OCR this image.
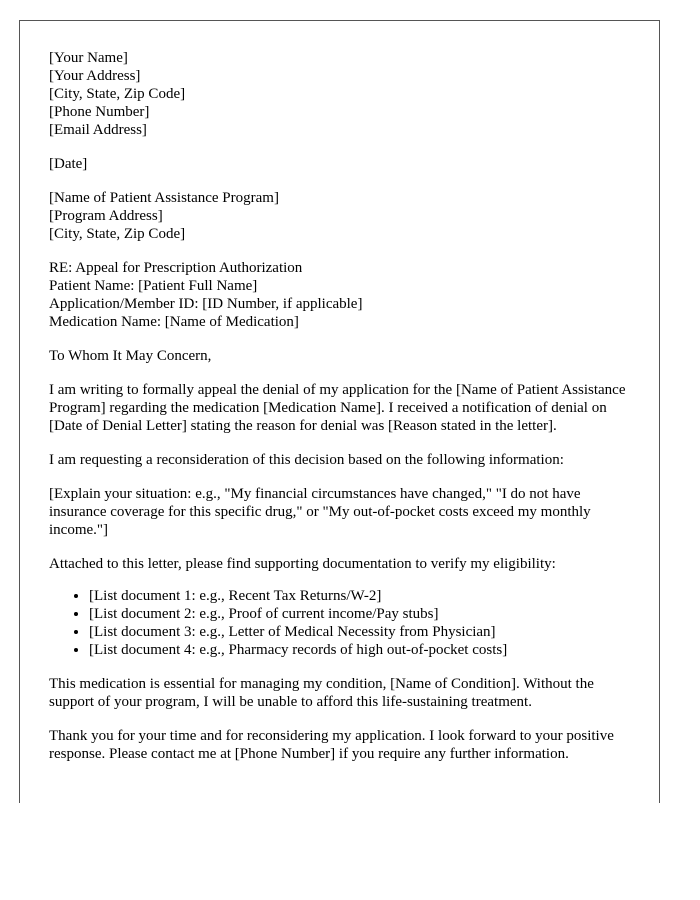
[Your Name]
[Your Address]
[City, State, Zip Code]
[Phone Number]
[Email Address]
[Date]
[Name of Patient Assistance Program]
[Program Address]
[City, State, Zip Code]
RE: Appeal for Prescription Authorization
Patient Name: [Patient Full Name]
Application/Member ID: [ID Number, if applicable]
Medication Name: [Name of Medication]

To Whom It May Concern,

I am writing to formally appeal the denial of my application for the [Name of Patient Assistance Program] regarding the medication [Medication Name]. I received a notification of denial on [Date of Denial Letter] stating the reason for denial was [Reason stated in the letter].

I am requesting a reconsideration of this decision based on the following information:

[Explain your situation: e.g., "My financial circumstances have changed," "I do not have insurance coverage for this specific drug," or "My out-of-pocket costs exceed my monthly income."]

Attached to this letter, please find supporting documentation to verify my eligibility:

• [List document 1: e.g., Recent Tax Returns/W-2]
• [List document 2: e.g., Proof of current income/Pay stubs]
• [List document 3: e.g., Letter of Medical Necessity from Physician]
• [List document 4: e.g., Pharmacy records of high out-of-pocket costs]

This medication is essential for managing my condition, [Name of Condition]. Without the support of your program, I will be unable to afford this life-sustaining treatment.

Thank you for your time and for reconsidering my application. I look forward to your positive response. Please contact me at [Phone Number] if you require any further information.
